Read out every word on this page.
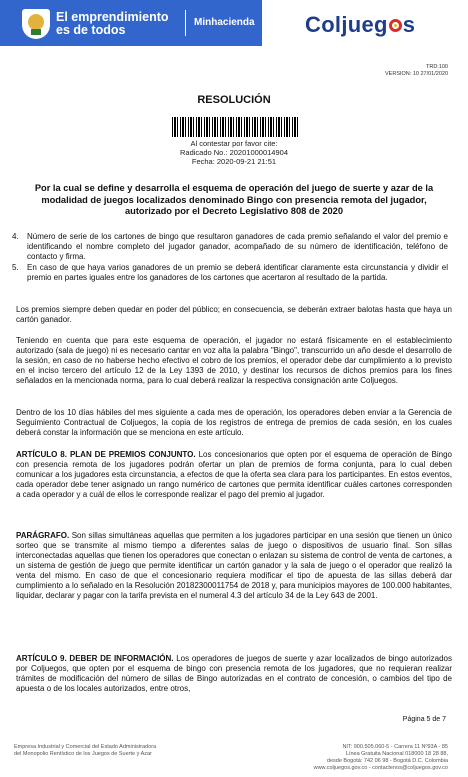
El emprendimiento
es de todos
Minhacienda Coljueg s
TRD:100
VERSION: 10 27/01/2020
RESOLUCIÓN
Al contestar por favor cite:
Radicado No.: 20201000014904
Fecha: 2020-09-21 21:51
Por la cual se define y desarrolla el esquema de operación del juego de suerte y azar de la modalidad de juegos localizados denominado Bingo con presencia remota del jugador, autorizado por el Decreto Legislativo 808 de 2020
4. Número de serie de los cartones de bingo que resultaron ganadores de cada premio señalando el valor del premio e identificando el nombre completo del jugador ganador, acompañado de su número de identificación, teléfono de contacto y firma.
5. En caso de que haya varios ganadores de un premio se deberá identificar claramente esta circunstancia y dividir el premio en partes iguales entre los ganadores de los cartones que acertaron al resultado de la partida.
Los premios siempre deben quedar en poder del público; en consecuencia, se deberán extraer balotas hasta que haya un cartón ganador.
Teniendo en cuenta que para este esquema de operación, el jugador no estará físicamente en el establecimiento autorizado (sala de juego) ni es necesario cantar en voz alta la palabra "Bingo", transcurrido un año desde el desarrollo de la sesión, en caso de no haberse hecho efectivo el cobro de los premios, el operador debe dar cumplimiento a lo previsto en el inciso tercero del artículo 12 de la Ley 1393 de 2010, y destinar los recursos de dichos premios para los fines señalados en la mencionada norma, para lo cual deberá realizar la respectiva consignación ante Coljuegos.
Dentro de los 10 días hábiles del mes siguiente a cada mes de operación, los operadores deben enviar a la Gerencia de Seguimiento Contractual de Coljuegos, la copia de los registros de entrega de premios de cada sesión, en los cuales deberá constar la información que se menciona en este artículo.
ARTÍCULO 8. PLAN DE PREMIOS CONJUNTO. Los concesionarios que opten por el esquema de operación de Bingo con presencia remota de los jugadores podrán ofertar un plan de premios de forma conjunta, para lo cual deben comunicar a los jugadores esta circunstancia, a efectos de que la oferta sea clara para los participantes. En estos eventos, cada operador debe tener asignado un rango numérico de cartones que permita identificar cuáles cartones corresponden a cada operador y a cuál de ellos le corresponde realizar el pago del premio al jugador.
PARÁGRAFO. Son sillas simultáneas aquellas que permiten a los jugadores participar en una sesión que tienen un único sorteo que se transmite al mismo tiempo a diferentes salas de juego o dispositivos de usuario final. Son sillas interconectadas aquellas que tienen los operadores que conectan o enlazan su sistema de control de venta de cartones, a un sistema de gestión de juego que permite identificar un cartón ganador y la sala de juego o el operador que realizó la venta del mismo. En caso de que el concesionario requiera modificar el tipo de apuesta de las sillas deberá dar cumplimiento a lo señalado en la Resolución 20182300011754 de 2018 y, para municipios mayores de 100.000 habitantes, liquidar, declarar y pagar con la tarifa prevista en el numeral 4.3 del artículo 34 de la Ley 643 de 2001.
ARTÍCULO 9. DEBER DE INFORMACIÓN. Los operadores de juegos de suerte y azar localizados de bingo autorizados por Coljuegos, que opten por el esquema de bingo con presencia remota de los jugadores, que no requieran realizar trámites de modificación del número de sillas de Bingo autorizadas en el contrato de concesión, o cambios del tipo de apuesta o de los locales autorizados, entre otros,
Página 5 de 7
Empresa Industrial y Comercial del Estado Administradora
del Monopolio Rentístico de los Juegos de Suerte y Azar
NIT: 900.505.060-5 - Carrera 11 Nº93A - 85
Línea Gratuita Nacional 018000 18 28 88,
desde Bogotá: 742 06 98 - Bogotá D.C. Colombia
www.coljuegos.gov.co - contactenos@coljuegos.gov.co
